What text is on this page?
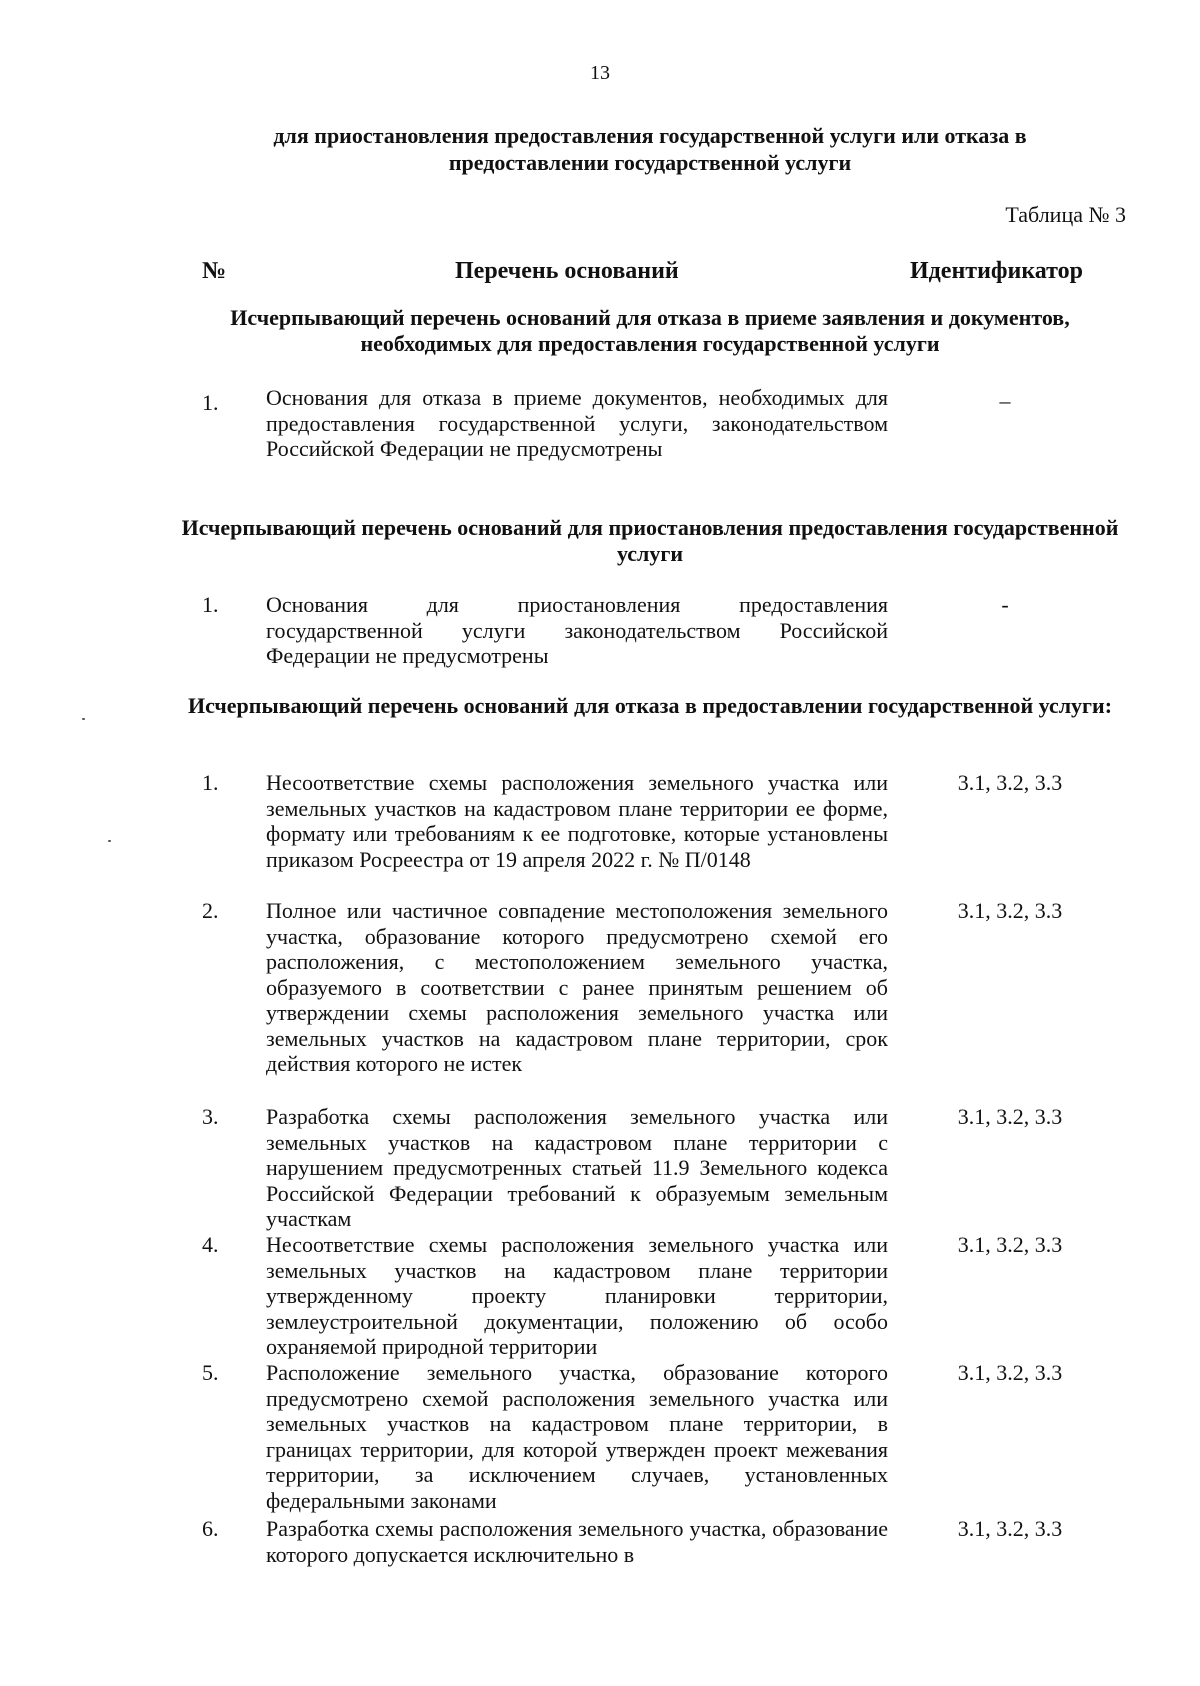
13
для приостановления предоставления государственной услуги или отказа в предоставлении государственной услуги
Таблица № 3
№	Перечень оснований	Идентификатор
Исчерпывающий перечень оснований для отказа в приеме заявления и документов, необходимых для предоставления государственной услуги
1. Основания для отказа в приеме документов, необходимых для предоставления государственной услуги, законодательством Российской Федерации не предусмотрены
–
Исчерпывающий перечень оснований для приостановления предоставления государственной услуги
1. Основания для приостановления предоставления государственной услуги законодательством Российской Федерации не предусмотрены
-
Исчерпывающий перечень оснований для отказа в предоставлении государственной услуги:
1. Несоответствие схемы расположения земельного участка или земельных участков на кадастровом плане территории ее форме, формату или требованиям к ее подготовке, которые установлены приказом Росреестра от 19 апреля 2022 г. № П/0148
3.1, 3.2, 3.3
2. Полное или частичное совпадение местоположения земельного участка, образование которого предусмотрено схемой его расположения, с местоположением земельного участка, образуемого в соответствии с ранее принятым решением об утверждении схемы расположения земельного участка или земельных участков на кадастровом плане территории, срок действия которого не истек
3.1, 3.2, 3.3
3. Разработка схемы расположения земельного участка или земельных участков на кадастровом плане территории с нарушением предусмотренных статьей 11.9 Земельного кодекса Российской Федерации требований к образуемым земельным участкам
3.1, 3.2, 3.3
4. Несоответствие схемы расположения земельного участка или земельных участков на кадастровом плане территории утвержденному проекту планировки территории, землеустроительной документации, положению об особо охраняемой природной территории
3.1, 3.2, 3.3
5. Расположение земельного участка, образование которого предусмотрено схемой расположения земельного участка или земельных участков на кадастровом плане территории, в границах территории, для которой утвержден проект межевания территории, за исключением случаев, установленных федеральными законами
3.1, 3.2, 3.3
6. Разработка схемы расположения земельного участка, образование которого допускается исключительно в
3.1, 3.2, 3.3
